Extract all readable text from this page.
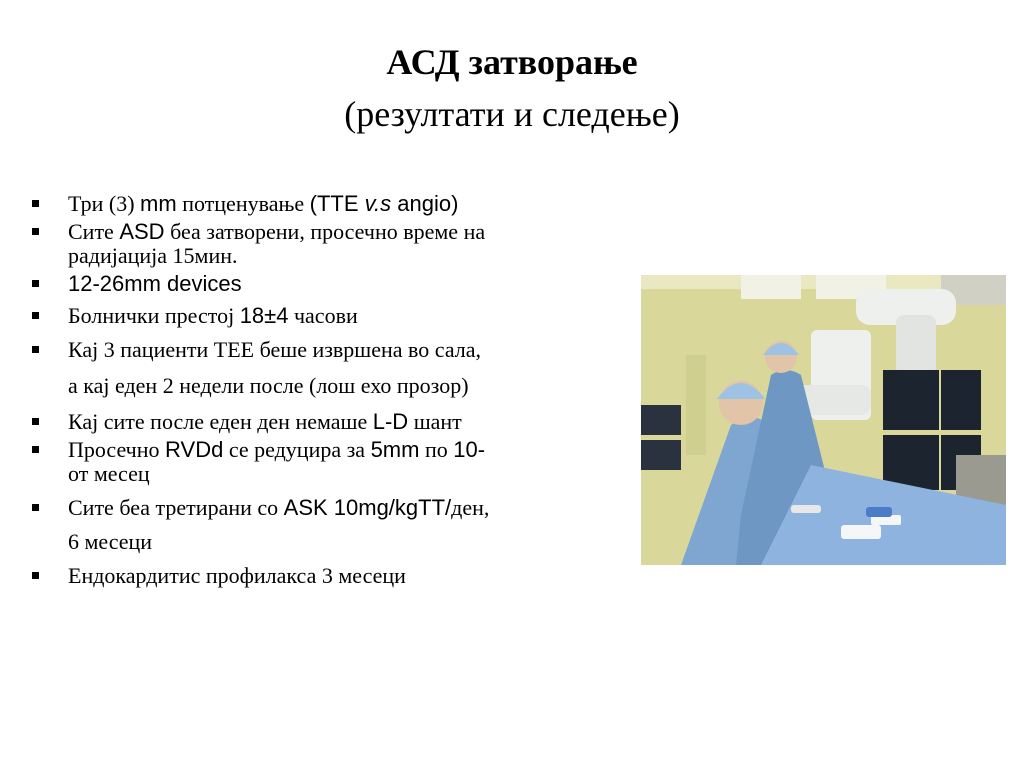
АСД затворање
(резултати и следење)
Три (3) mm потценување (TTE v.s angio)
Сите ASD беа затворени, просечно време на
радијација 15мин.
12-26mm devices
Болнички престој 18±4 часови
Кај 3 пациенти ТЕЕ беше извршена во сала,
а кај еден 2 недели после (лош ехо прозор)
Кај сите после еден ден немаше L-D шант
Просечно RVDd се редуцира за 5mm по 10-
от месец
Сите беа третирани со ASK 10mg/kgTT/ден,
6 месеци
Ендокардитис профилакса 3 месеци
